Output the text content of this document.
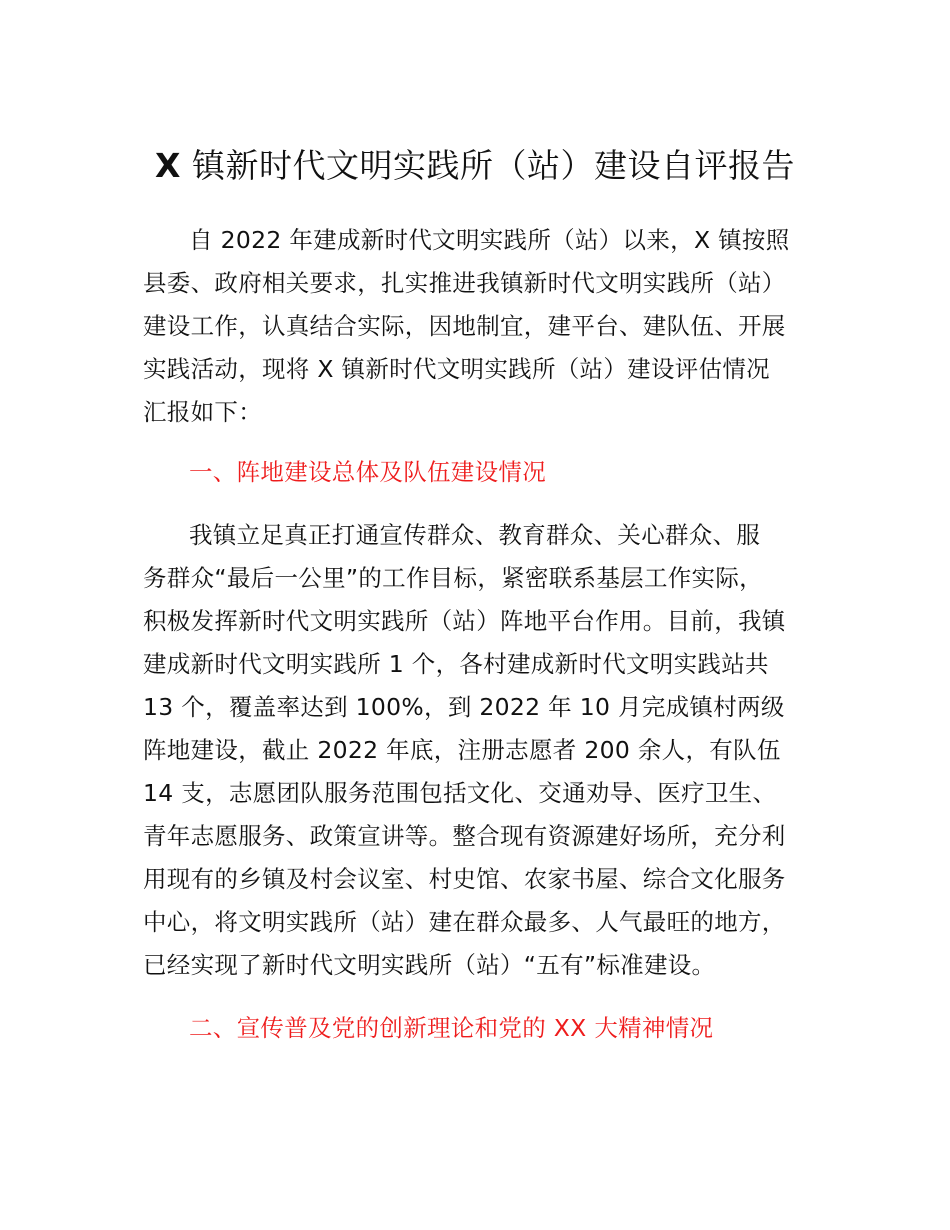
X 镇新时代文明实践所（站）建设自评报告
自 2022 年建成新时代文明实践所（站）以来，X 镇按照
县委、政府相关要求，扎实推进我镇新时代文明实践所（站）
建设工作，认真结合实际，因地制宜，建平台、建队伍、开展
实践活动，现将 X 镇新时代文明实践所（站）建设评估情况
汇报如下：
一、阵地建设总体及队伍建设情况
我镇立足真正打通宣传群众、教育群众、关心群众、服
务群众“最后一公里”的工作目标，紧密联系基层工作实际，
积极发挥新时代文明实践所（站）阵地平台作用。目前，我镇
建成新时代文明实践所 1 个，各村建成新时代文明实践站共
13 个，覆盖率达到 100%，到 2022 年 10 月完成镇村两级
阵地建设，截止 2022 年底，注册志愿者 200 余人，有队伍
14 支，志愿团队服务范围包括文化、交通劝导、医疗卫生、
青年志愿服务、政策宣讲等。整合现有资源建好场所，充分利
用现有的乡镇及村会议室、村史馆、农家书屋、综合文化服务
中心，将文明实践所（站）建在群众最多、人气最旺的地方，
已经实现了新时代文明实践所（站）“五有”标准建设。
二、宣传普及党的创新理论和党的 XX 大精神情况
